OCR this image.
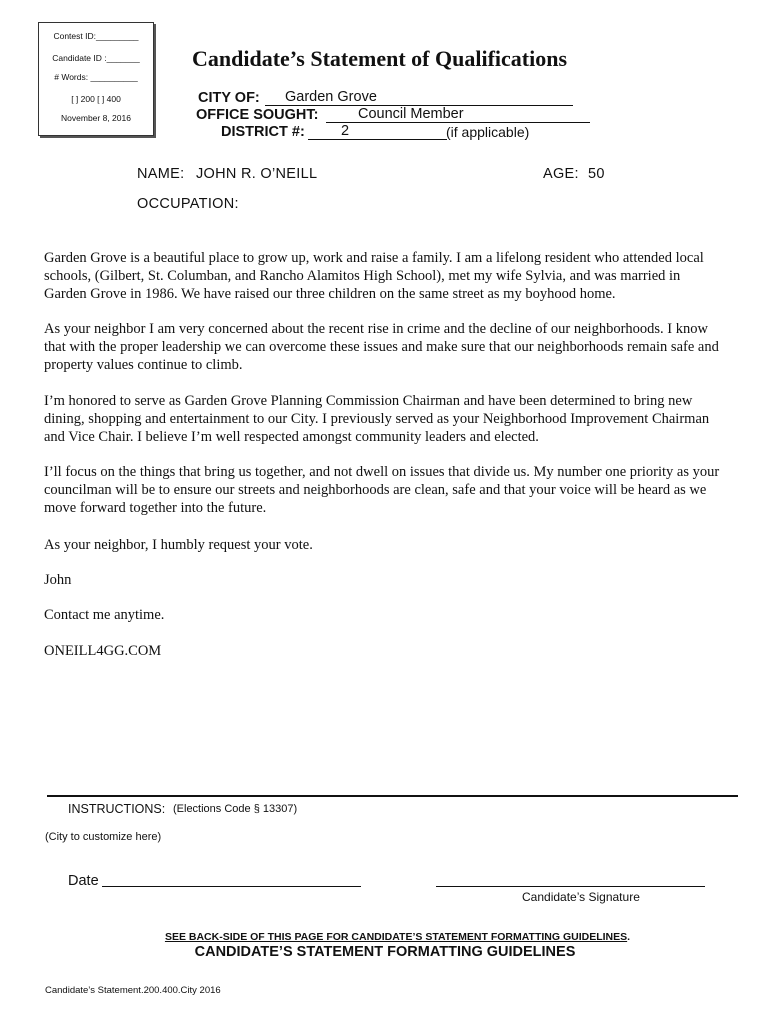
Contest ID:_________
Candidate ID :_______
# Words: __________
[ ] 200 [ ] 400
November 8, 2016
Candidate’s Statement of Qualifications
CITY OF:	Garden Grove
OFFICE SOUGHT:	Council Member
DISTRICT #:	2	(if applicable)
NAME: JOHN R. O’NEILL	AGE: 50
OCCUPATION:
Garden Grove is a beautiful place to grow up, work and raise a family. I am a lifelong resident who attended local schools, (Gilbert, St. Columban, and Rancho Alamitos High School), met my wife Sylvia, and was married in Garden Grove in 1986. We have raised our three children on the same street as my boyhood home.
As your neighbor I am very concerned about the recent rise in crime and the decline of our neighborhoods. I know that with the proper leadership we can overcome these issues and make sure that our neighborhoods remain safe and property values continue to climb.
I’m honored to serve as Garden Grove Planning Commission Chairman and have been determined to bring new dining, shopping and entertainment to our City. I previously served as your Neighborhood Improvement Chairman and Vice Chair. I believe I’m well respected amongst community leaders and elected.
I’ll focus on the things that bring us together, and not dwell on issues that divide us. My number one priority as your councilman will be to ensure our streets and neighborhoods are clean, safe and that your voice will be heard as we move forward together into the future.
As your neighbor, I humbly request your vote.
John
Contact me anytime.
ONEILL4GG.COM
INSTRUCTIONS: (Elections Code § 13307)
(City to customize here)
Date
Candidate’s Signature
SEE BACK-SIDE OF THIS PAGE FOR CANDIDATE’S STATEMENT FORMATTING GUIDELINES.
CANDIDATE’S STATEMENT FORMATTING GUIDELINES
Candidate’s Statement.200.400.City 2016
